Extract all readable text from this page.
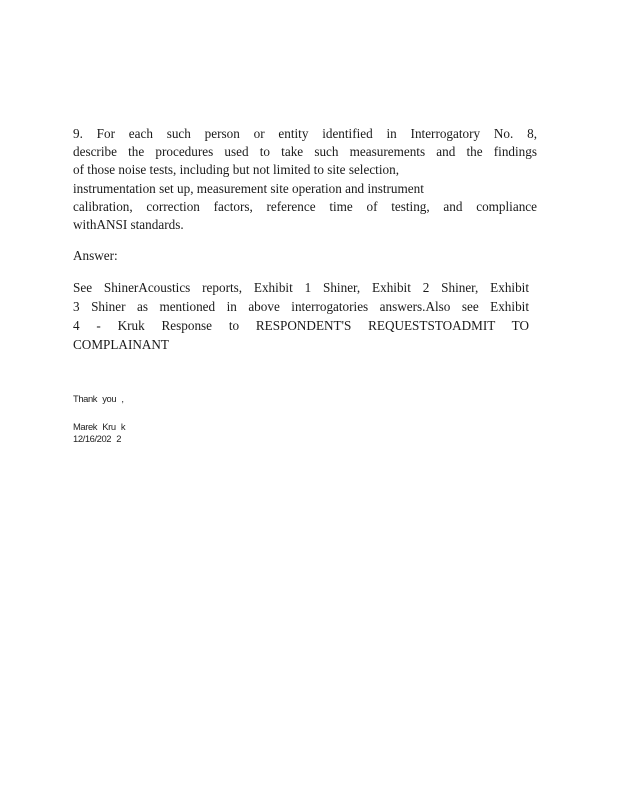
9. For each such person or entity identified in Interrogatory No. 8,
describe the procedures used to take such measurements and the findings
of those noise tests, including but not limited to site selection,
instrumentation set up, measurement site operation and instrument
calibration, correction factors, reference time of testing, and compliance
withANSI standards.
Answer:
See ShinerAcoustics reports, Exhibit 1 Shiner, Exhibit 2 Shiner, Exhibit
3 Shiner as mentioned in above interrogatories answers.Also see Exhibit
4 - Kruk Response to RESPONDENT'S REQUESTSTOADMIT TO
COMPLAINANT
Thank you ,
Marek Kru k
12/16/202 2
